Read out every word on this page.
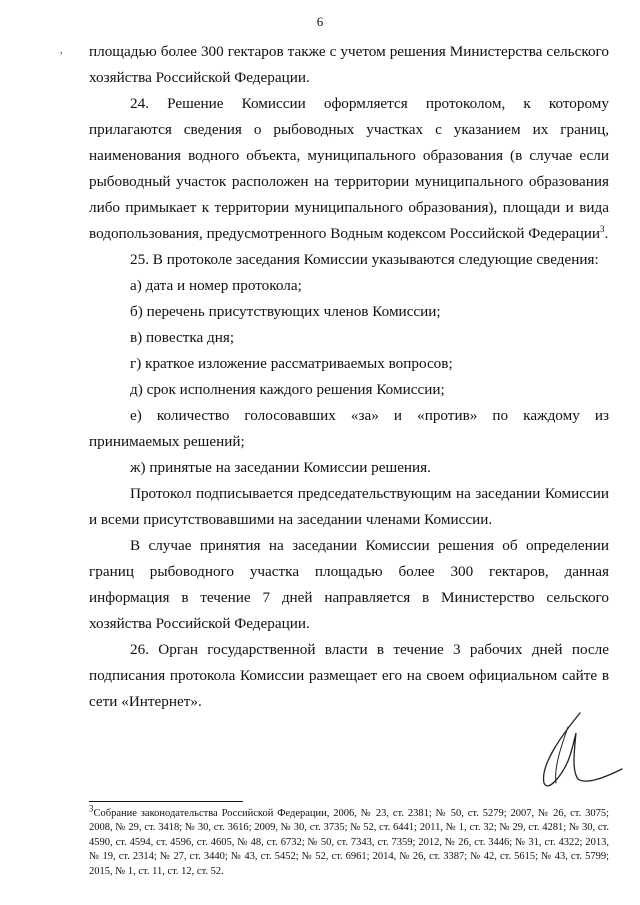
6
, площадью более 300 гектаров также с учетом решения Министерства сельского хозяйства Российской Федерации.

24. Решение Комиссии оформляется протоколом, к которому прилагаются сведения о рыбоводных участках с указанием их границ, наименования водного объекта, муниципального образования (в случае если рыбоводный участок расположен на территории муниципального образования либо примыкает к территории муниципального образования), площади и вида водопользования, предусмотренного Водным кодексом Российской Федерации$^3$.

25. В протоколе заседания Комиссии указываются следующие сведения:

а) дата и номер протокола;

б) перечень присутствующих членов Комиссии;

в) повестка дня;

г) краткое изложение рассматриваемых вопросов;

д) срок исполнения каждого решения Комиссии;

е) количество голосовавших «за» и «против» по каждому из принимаемых решений;

ж) принятые на заседании Комиссии решения.

Протокол подписывается председательствующим на заседании Комиссии и всеми присутствовавшими на заседании членами Комиссии.

В случае принятия на заседании Комиссии решения об определении границ рыбоводного участка площадью более 300 гектаров, данная информация в течение 7 дней направляется в Министерство сельского хозяйства Российской Федерации.

26. Орган государственной власти в течение 3 рабочих дней после подписания протокола Комиссии размещает его на своем официальном сайте в сети «Интернет».

$^3$Собрание законодательства Российской Федерации, 2006, № 23, ст. 2381; № 50, ст. 5279; 2007, № 26, ст. 3075; 2008, № 29, ст. 3418; № 30, ст. 3616; 2009, № 30, ст. 3735; № 52, ст. 6441; 2011, № 1, ст. 32; № 29, ст. 4281; № 30, ст. 4590, ст. 4594, ст. 4596, ст. 4605, № 48, ст. 6732; № 50, ст. 7343, ст. 7359; 2012, № 26, ст. 3446; № 31, ст. 4322; 2013, № 19, ст. 2314; № 27, ст. 3440; № 43, ст. 5452; № 52, ст. 6961; 2014, № 26, ст. 3387; № 42, ст. 5615; № 43, ст. 5799; 2015, № 1, ст. 11, ст. 12, ст. 52.
